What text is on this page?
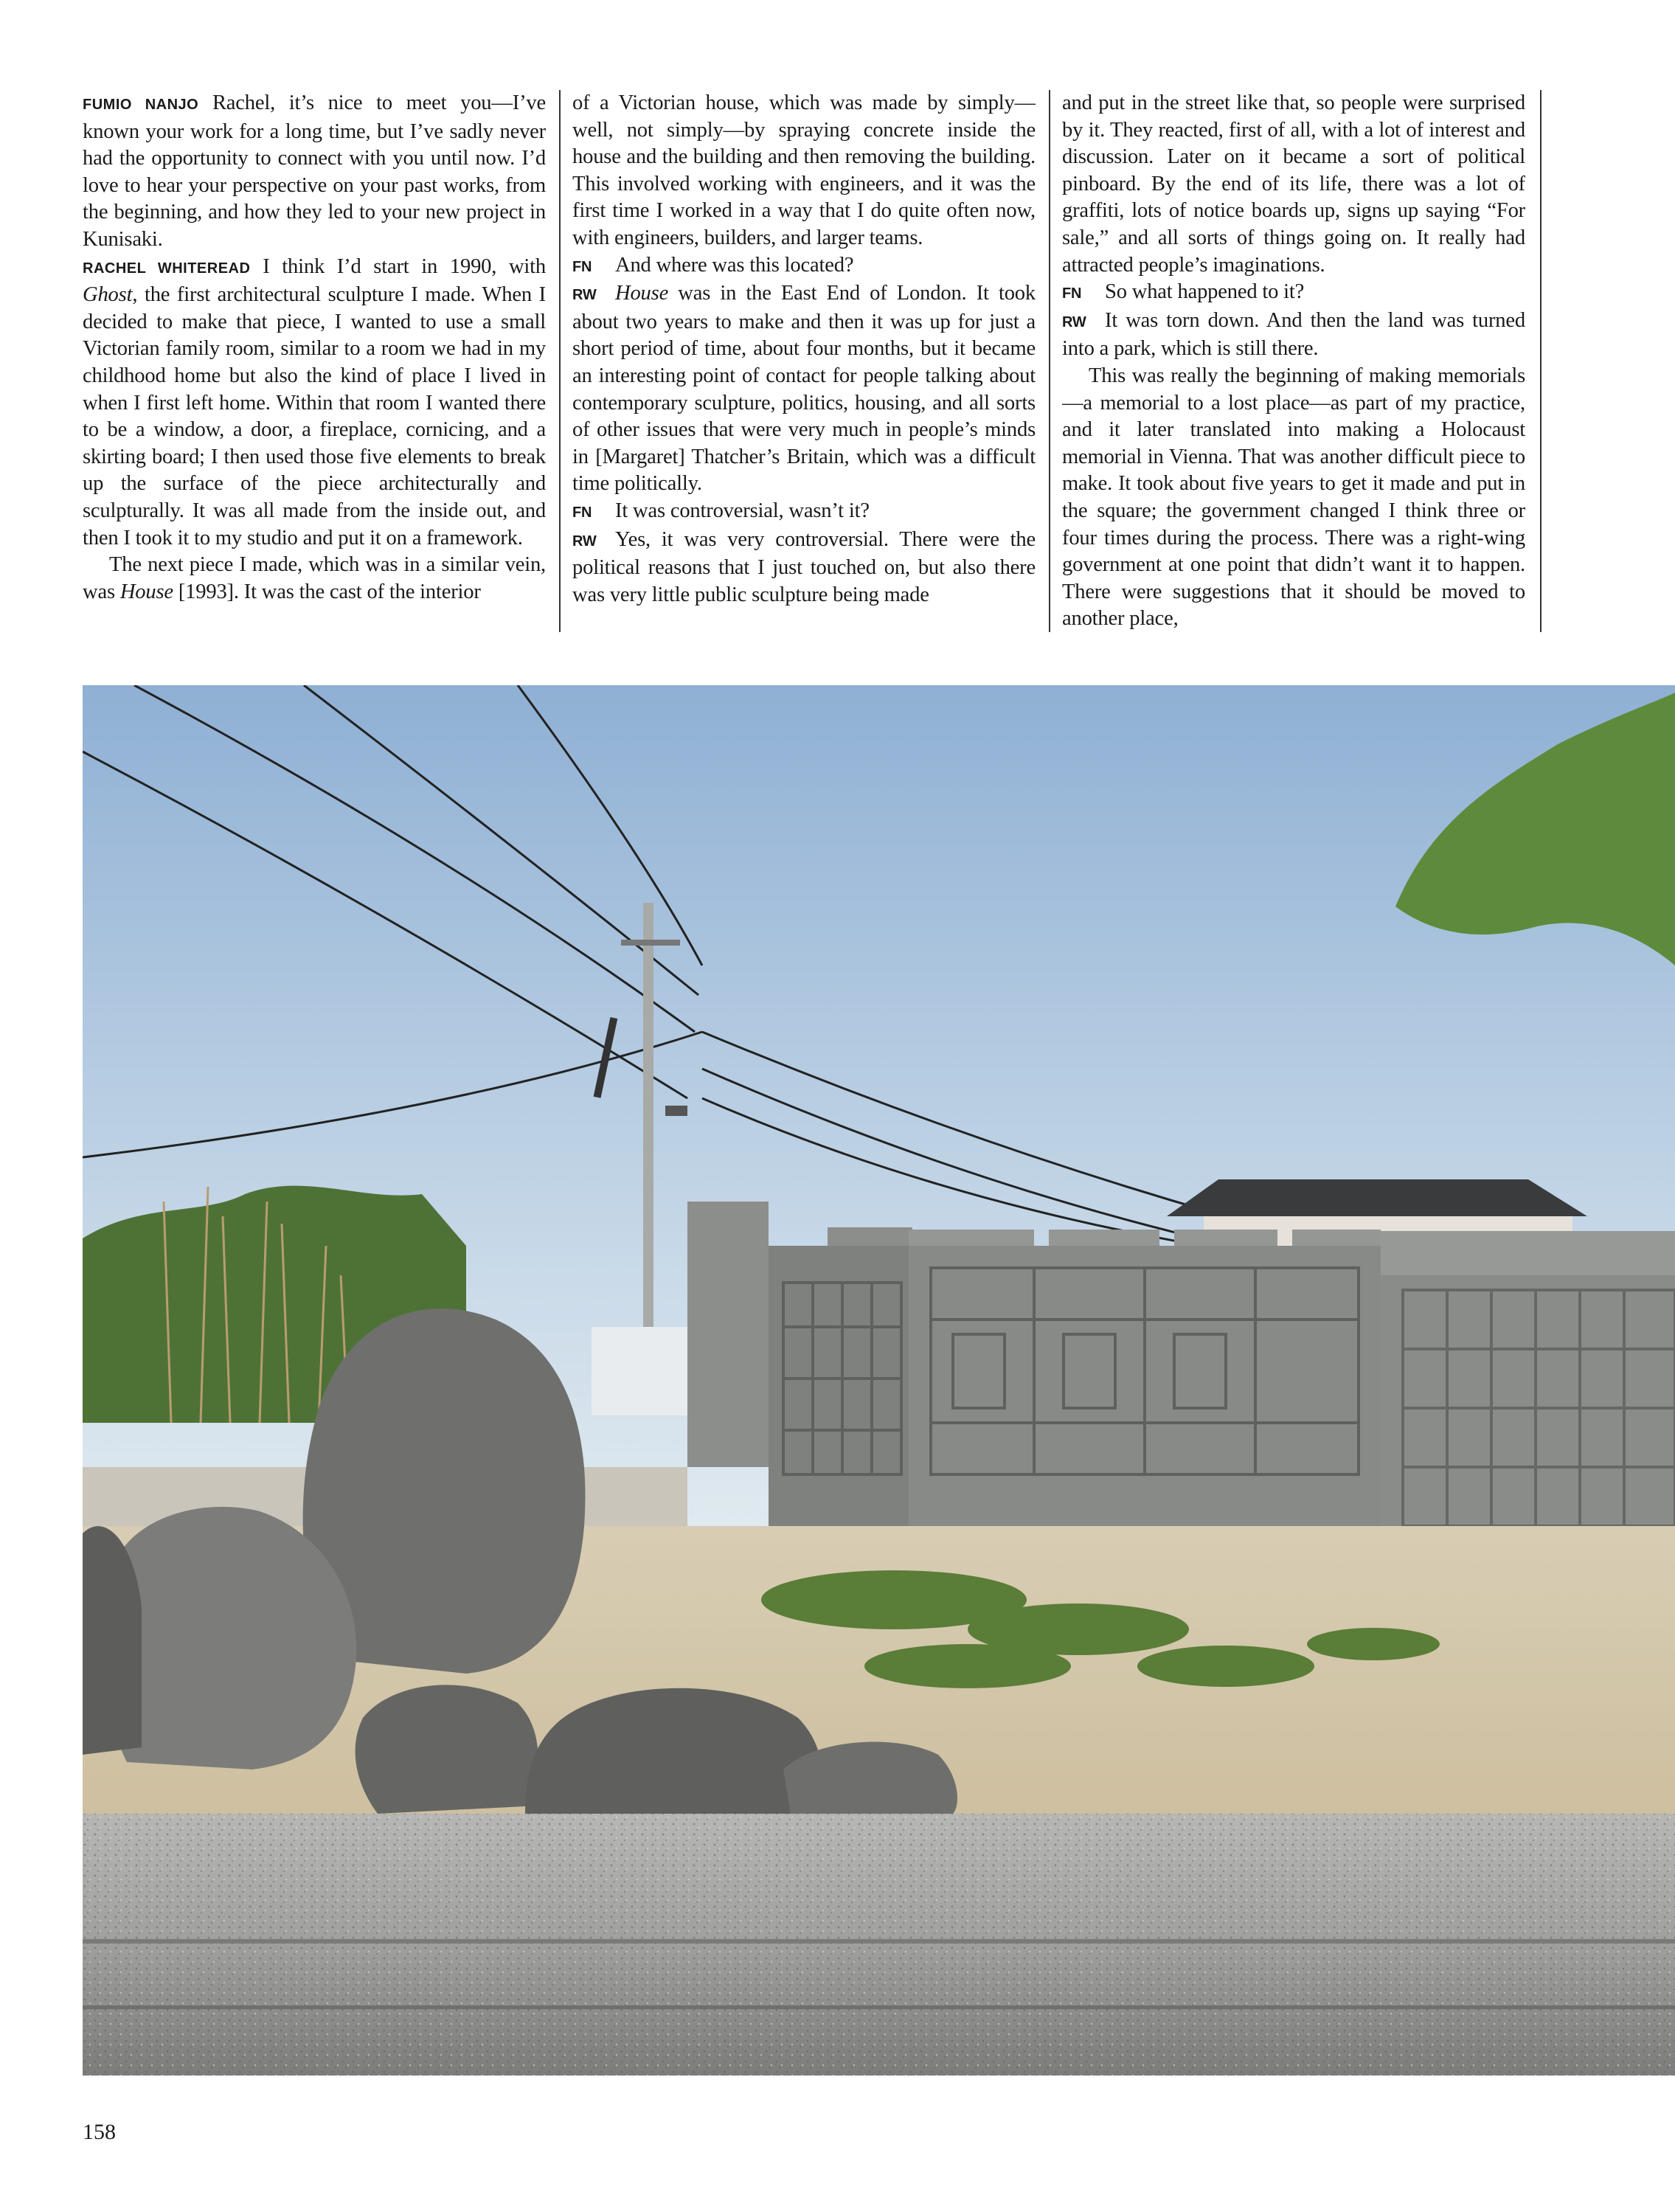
FUMIO NANJO Rachel, it’s nice to meet you—I’ve known your work for a long time, but I’ve sadly never had the opportunity to connect with you until now. I’d love to hear your perspective on your past works, from the beginning, and how they led to your new project in Kunisaki.

RACHEL WHITEREAD I think I’d start in 1990, with Ghost, the first architectural sculpture I made. When I decided to make that piece, I wanted to use a small Victorian family room, similar to a room we had in my childhood home but also the kind of place I lived in when I first left home. Within that room I wanted there to be a window, a door, a fireplace, cornicing, and a skirting board; I then used those five elements to break up the surface of the piece architecturally and sculpturally. It was all made from the inside out, and then I took it to my studio and put it on a framework.

The next piece I made, which was in a similar vein, was House [1993]. It was the cast of the interior

of a Victorian house, which was made by simply—well, not simply—by spraying concrete inside the house and the building and then removing the building. This involved working with engineers, and it was the first time I worked in a way that I do quite often now, with engineers, builders, and larger teams.

FN And where was this located?

RW House was in the East End of London. It took about two years to make and then it was up for just a short period of time, about four months, but it became an interesting point of contact for people talking about contemporary sculpture, politics, housing, and all sorts of other issues that were very much in people’s minds in [Margaret] Thatcher’s Britain, which was a difficult time politically.

FN It was controversial, wasn’t it?

RW Yes, it was very controversial. There were the political reasons that I just touched on, but also there was very little public sculpture being made

and put in the street like that, so people were surprised by it. They reacted, first of all, with a lot of interest and discussion. Later on it became a sort of political pinboard. By the end of its life, there was a lot of graffiti, lots of notice boards up, signs up saying “For sale,” and all sorts of things going on. It really had attracted people’s imaginations.

FN So what happened to it?

RW It was torn down. And then the land was turned into a park, which is still there.

This was really the beginning of making memorials—a memorial to a lost place—as part of my practice, and it later translated into making a Holocaust memorial in Vienna. That was another difficult piece to make. It took about five years to get it made and put in the square; the government changed I think three or four times during the process. There was a right-wing government at one point that didn’t want it to happen. There were suggestions that it should be moved to another place,

158
